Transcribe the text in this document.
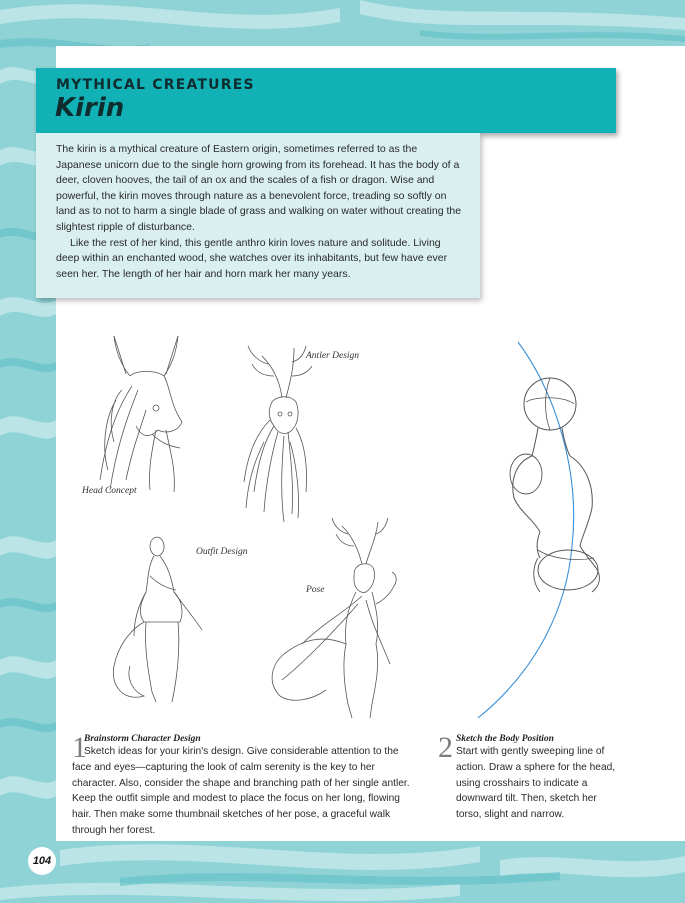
MYTHICAL CREATURES
Kirin

The kirin is a mythical creature of Eastern origin, sometimes referred to as the Japanese unicorn due to the single horn growing from its forehead. It has the body of a deer, cloven hooves, the tail of an ox and the scales of a fish or dragon. Wise and powerful, the kirin moves through nature as a benevolent force, treading so softly on land as to not to harm a single blade of grass and walking on water without creating the slightest ripple of disturbance.

Like the rest of her kind, this gentle anthro kirin loves nature and solitude. Living deep within an enchanted wood, she watches over its inhabitants, but few have ever seen her. The length of her hair and horn mark her many years.

Head Concept
Antler Design
Outfit Design
Pose
1
Brainstorm Character Design
Sketch ideas for your kirin's design. Give considerable attention to the face and eyes—capturing the look of calm serenity is the key to her character. Also, consider the shape and branching path of her single antler. Keep the outfit simple and modest to place the focus on her long, flowing hair. Then make some thumbnail sketches of her pose, a graceful walk through her forest.
2 Sketch the Body Position
Start with gently sweeping line of action. Draw a sphere for the head, using crosshairs to indicate a downward tilt. Then, sketch her torso, slight and narrow.
104
